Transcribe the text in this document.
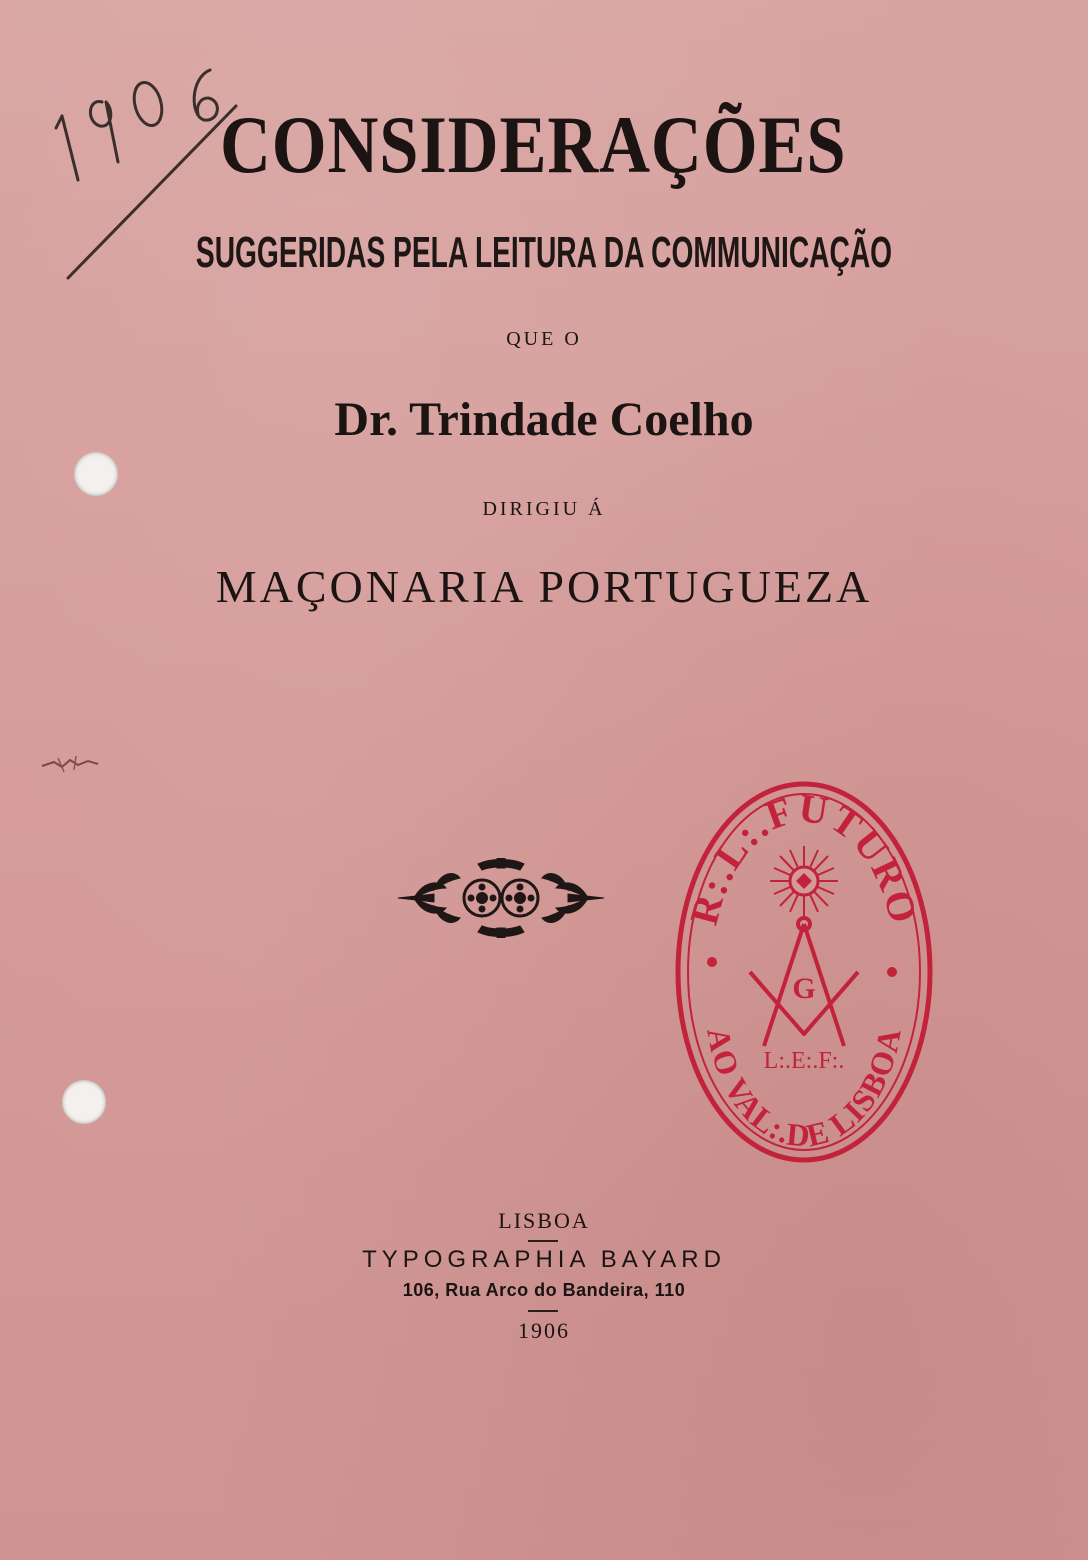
CONSIDERAÇÕES
SUGGERIDAS PELA LEITURA DA COMMUNICAÇÃO
QUE O
Dr. Trindade Coelho
DIRIGIU Á
MAÇONARIA PORTUGUEZA
R:.L:.FUTURO
AO VAL:.DE LISBOA
G
L:.E:.F:.
LISBOA
TYPOGRAPHIA BAYARD
106, Rua Arco do Bandeira, 110
1906
